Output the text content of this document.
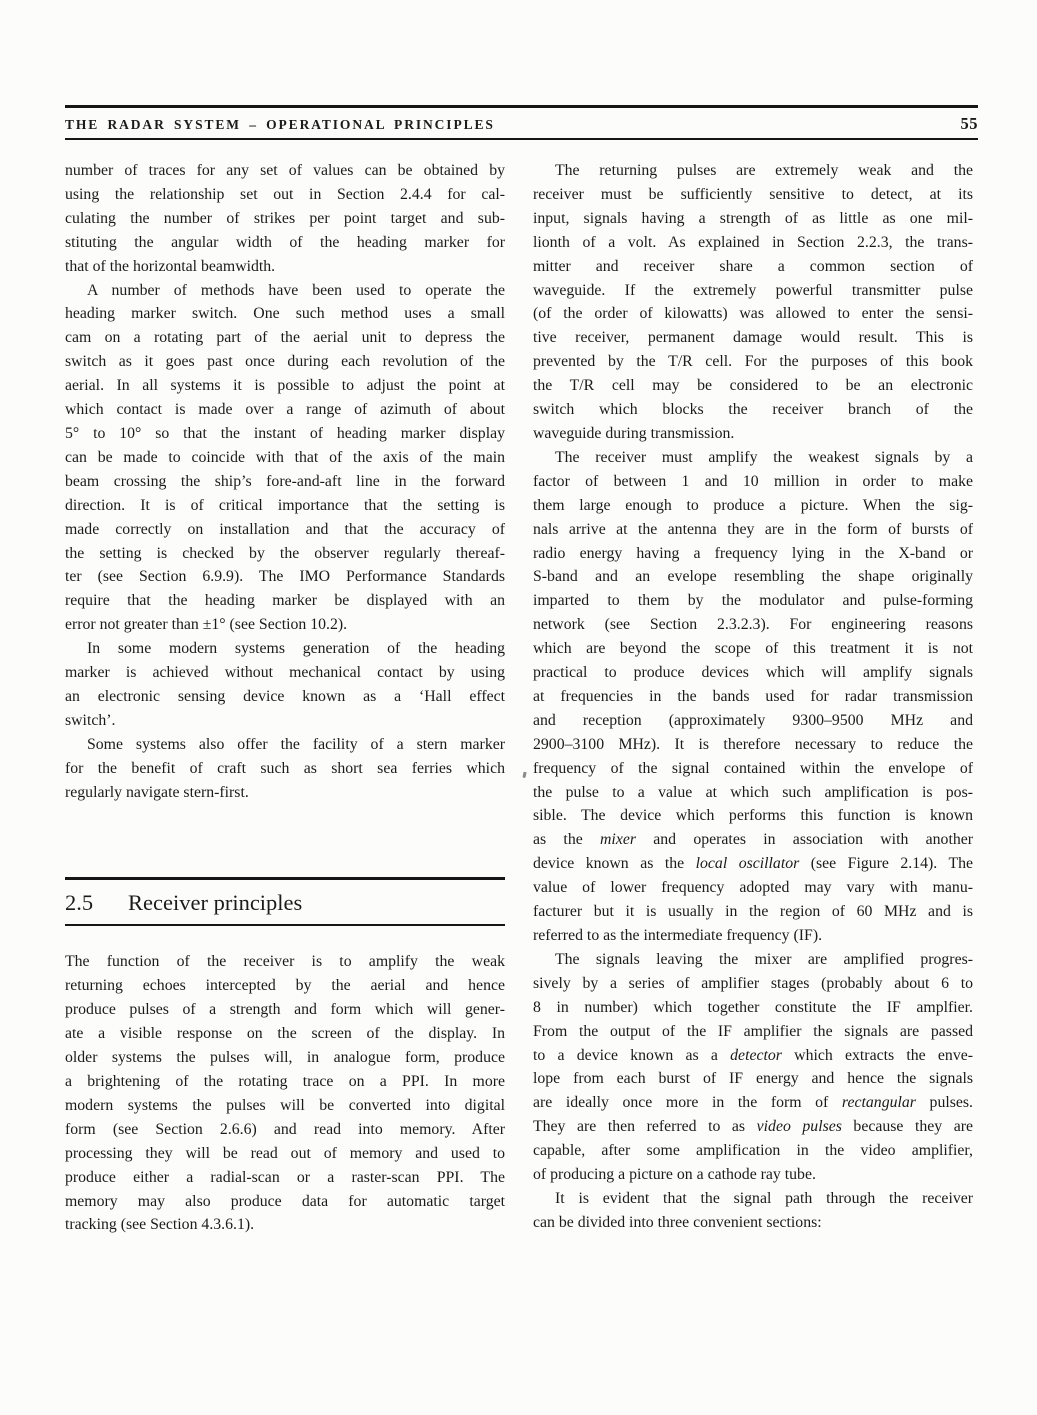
THE RADAR SYSTEM – OPERATIONAL PRINCIPLES	55
number of traces for any set of values can be obtained by
using the relationship set out in Section 2.4.4 for cal-
culating the number of strikes per point target and sub-
stituting the angular width of the heading marker for
that of the horizontal beamwidth.
A number of methods have been used to operate the
heading marker switch. One such method uses a small
cam on a rotating part of the aerial unit to depress the
switch as it goes past once during each revolution of the
aerial. In all systems it is possible to adjust the point at
which contact is made over a range of azimuth of about
5° to 10° so that the instant of heading marker display
can be made to coincide with that of the axis of the main
beam crossing the ship’s fore-and-aft line in the forward
direction. It is of critical importance that the setting is
made correctly on installation and that the accuracy of
the setting is checked by the observer regularly thereaf-
ter (see Section 6.9.9). The IMO Performance Standards
require that the heading marker be displayed with an
error not greater than ±1° (see Section 10.2).
In some modern systems generation of the heading
marker is achieved without mechanical contact by using
an electronic sensing device known as a ‘Hall effect
switch’.
Some systems also offer the facility of a stern marker
for the benefit of craft such as short sea ferries which
regularly navigate stern-first.
2.5	Receiver principles
The function of the receiver is to amplify the weak
returning echoes intercepted by the aerial and hence
produce pulses of a strength and form which will gener-
ate a visible response on the screen of the display. In
older systems the pulses will, in analogue form, produce
a brightening of the rotating trace on a PPI. In more
modern systems the pulses will be converted into digital
form (see Section 2.6.6) and read into memory. After
processing they will be read out of memory and used to
produce either a radial-scan or a raster-scan PPI. The
memory may also produce data for automatic target
tracking (see Section 4.3.6.1).
The returning pulses are extremely weak and the
receiver must be sufficiently sensitive to detect, at its
input, signals having a strength of as little as one mil-
lionth of a volt. As explained in Section 2.2.3, the trans-
mitter and receiver share a common section of
waveguide. If the extremely powerful transmitter pulse
(of the order of kilowatts) was allowed to enter the sensi-
tive receiver, permanent damage would result. This is
prevented by the T/R cell. For the purposes of this book
the T/R cell may be considered to be an electronic
switch which blocks the receiver branch of the
waveguide during transmission.
The receiver must amplify the weakest signals by a
factor of between 1 and 10 million in order to make
them large enough to produce a picture. When the sig-
nals arrive at the antenna they are in the form of bursts of
radio energy having a frequency lying in the X-band or
S-band and an evelope resembling the shape originally
imparted to them by the modulator and pulse-forming
network (see Section 2.3.2.3). For engineering reasons
which are beyond the scope of this treatment it is not
practical to produce devices which will amplify signals
at frequencies in the bands used for radar transmission
and reception (approximately 9300–9500 MHz and
2900–3100 MHz). It is therefore necessary to reduce the
frequency of the signal contained within the envelope of
the pulse to a value at which such amplification is pos-
sible. The device which performs this function is known
as the mixer and operates in association with another
device known as the local oscillator (see Figure 2.14). The
value of lower frequency adopted may vary with manu-
facturer but it is usually in the region of 60 MHz and is
referred to as the intermediate frequency (IF).
The signals leaving the mixer are amplified progres-
sively by a series of amplifier stages (probably about 6 to
8 in number) which together constitute the IF amplfier.
From the output of the IF amplifier the signals are passed
to a device known as a detector which extracts the enve-
lope from each burst of IF energy and hence the signals
are ideally once more in the form of rectangular pulses.
They are then referred to as video pulses because they are
capable, after some amplification in the video amplifier,
of producing a picture on a cathode ray tube.
It is evident that the signal path through the receiver
can be divided into three convenient sections:
